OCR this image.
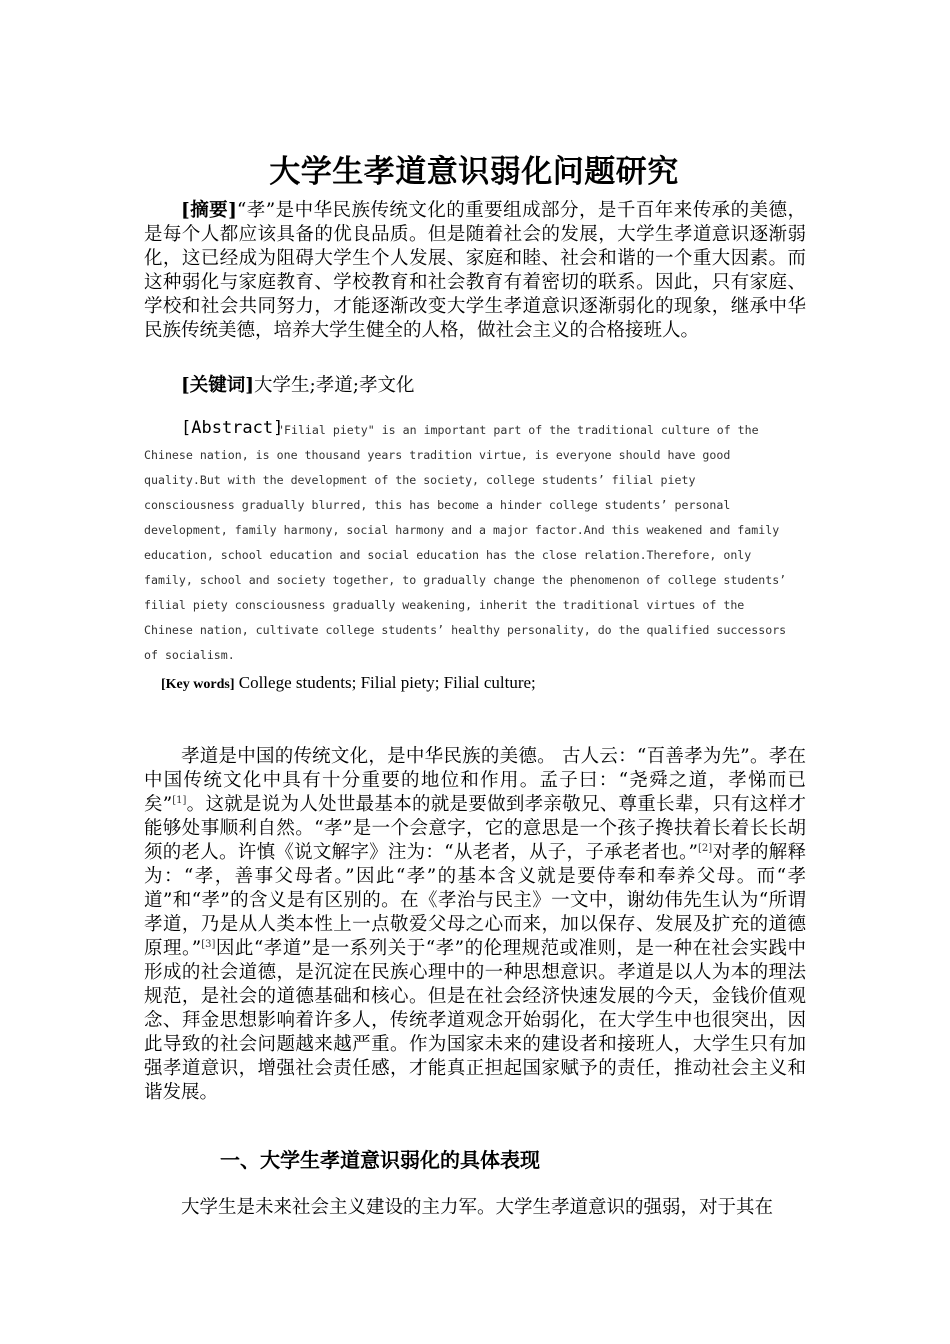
大学生孝道意识弱化问题研究
[摘要]“孝”是中华民族传统文化的重要组成部分，是千百年来传承的美德，是每个人都应该具备的优良品质。但是随着社会的发展，大学生孝道意识逐渐弱化，这已经成为阻碍大学生个人发展、家庭和睦、社会和谐的一个重大因素。而这种弱化与家庭教育、学校教育和社会教育有着密切的联系。因此，只有家庭、学校和社会共同努力，才能逐渐改变大学生孝道意识逐渐弱化的现象，继承中华民族传统美德，培养大学生健全的人格，做社会主义的合格接班人。
[关键词]大学生;孝道;孝文化
[Abstract]
"Filial piety" is an important part of the traditional culture of the
Chinese nation, is one thousand years tradition virtue, is everyone should have good
quality.But with the development of the society, college students’ filial piety
consciousness gradually blurred, this has become a hinder college students’ personal
development, family harmony, social harmony and a major factor.And this weakened and family
education, school education and social education has the close relation.Therefore, only
family, school and society together, to gradually change the phenomenon of college students’
filial piety consciousness gradually weakening, inherit the traditional virtues of the
Chinese nation, cultivate college students’ healthy personality, do the qualified successors
of socialism.
[Key words] College students; Filial piety; Filial culture;
孝道是中国的传统文化，是中华民族的美德。 古人云：“百善孝为先”。孝在中国传统文化中具有十分重要的地位和作用。孟子曰：“尧舜之道，孝悌而已矣”[1]。这就是说为人处世最基本的就是要做到孝亲敬兄、尊重长辈，只有这样才能够处事顺利自然。“孝”是一个会意字，它的意思是一个孩子搀扶着长着长长胡须的老人。许慎《说文解字》注为：“从老者，从子，子承老者也。”[2]对孝的解释为：“孝，善事父母者。”因此“孝”的基本含义就是要侍奉和奉养父母。而“孝道”和“孝”的含义是有区别的。在《孝治与民主》一文中，谢幼伟先生认为“所谓孝道，乃是从人类本性上一点敬爱父母之心而来，加以保存、发展及扩充的道德原理。”[3]因此“孝道”是一系列关于“孝”的伦理规范或准则，是一种在社会实践中形成的社会道德，是沉淀在民族心理中的一种思想意识。孝道是以人为本的理法规范，是社会的道德基础和核心。但是在社会经济快速发展的今天，金钱价值观念、拜金思想影响着许多人，传统孝道观念开始弱化，在大学生中也很突出，因此导致的社会问题越来越严重。作为国家未来的建设者和接班人，大学生只有加强孝道意识，增强社会责任感，才能真正担起国家赋予的责任，推动社会主义和谐发展。
一、大学生孝道意识弱化的具体表现
大学生是未来社会主义建设的主力军。大学生孝道意识的强弱，对于其在
